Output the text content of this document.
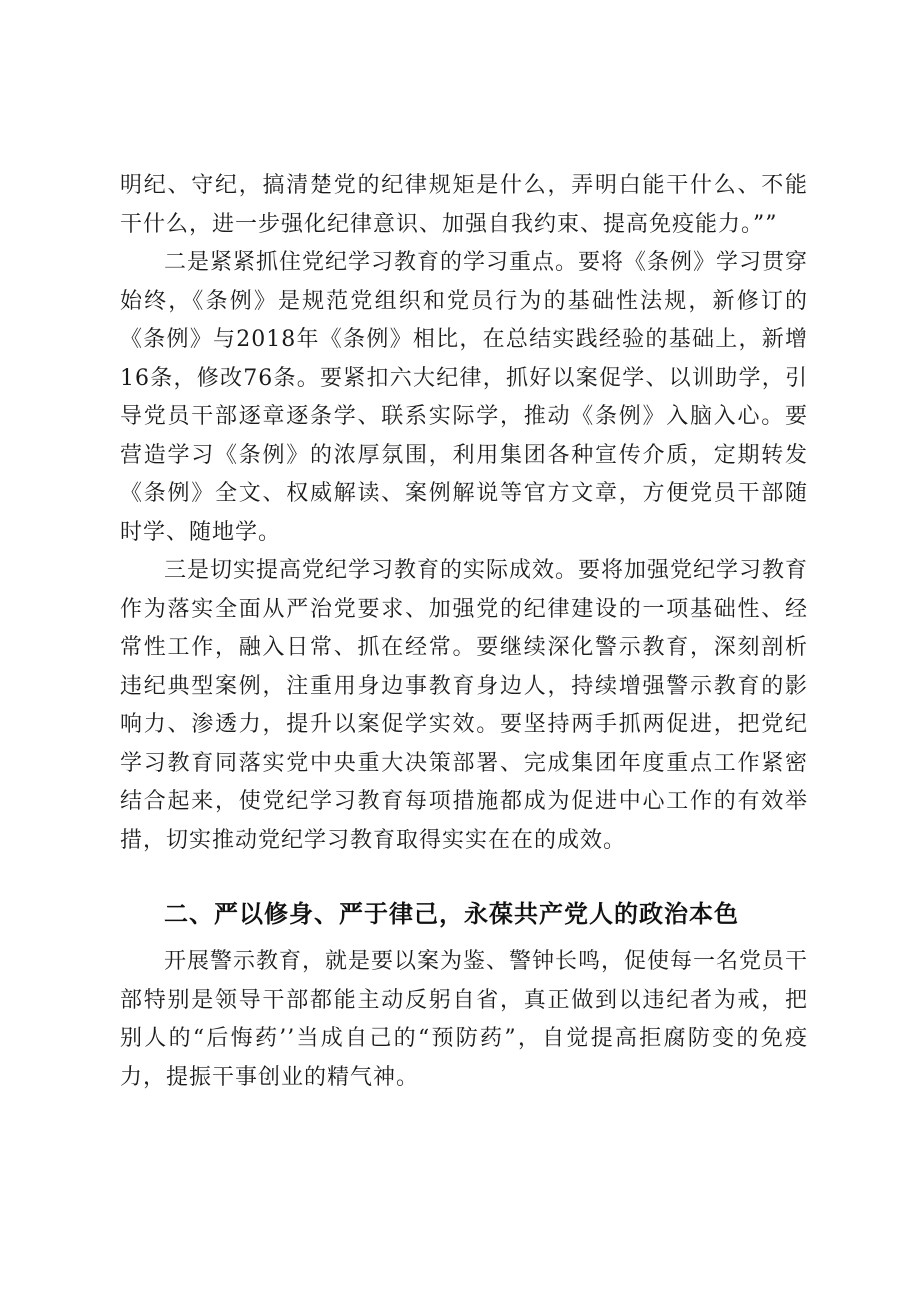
明纪、守纪，搞清楚党的纪律规矩是什么，弄明白能干什么、不能干什么，进一步强化纪律意识、加强自我约束、提高免疫能力。””

二是紧紧抓住党纪学习教育的学习重点。要将《条例》学习贯穿始终，《条例》是规范党组织和党员行为的基础性法规，新修订的《条例》与2018年《条例》相比，在总结实践经验的基础上，新增16条，修改76条。要紧扣六大纪律，抓好以案促学、以训助学，引导党员干部逐章逐条学、联系实际学，推动《条例》入脑入心。要营造学习《条例》的浓厚氛围，利用集团各种宣传介质，定期转发《条例》全文、权威解读、案例解说等官方文章，方便党员干部随时学、随地学。

三是切实提高党纪学习教育的实际成效。要将加强党纪学习教育作为落实全面从严治党要求、加强党的纪律建设的一项基础性、经常性工作，融入日常、抓在经常。要继续深化警示教育，深刻剖析违纪典型案例，注重用身边事教育身边人，持续增强警示教育的影响力、渗透力，提升以案促学实效。要坚持两手抓两促进，把党纪学习教育同落实党中央重大决策部署、完成集团年度重点工作紧密结合起来，使党纪学习教育每项措施都成为促进中心工作的有效举措，切实推动党纪学习教育取得实实在在的成效。

二、严以修身、严于律己，永葆共产党人的政治本色

开展警示教育，就是要以案为鉴、警钟长鸣，促使每一名党员干部特别是领导干部都能主动反躬自省，真正做到以违纪者为戒，把别人的“后悔药’’当成自己的“预防药”，自觉提高拒腐防变的免疫力，提振干事创业的精气神。
